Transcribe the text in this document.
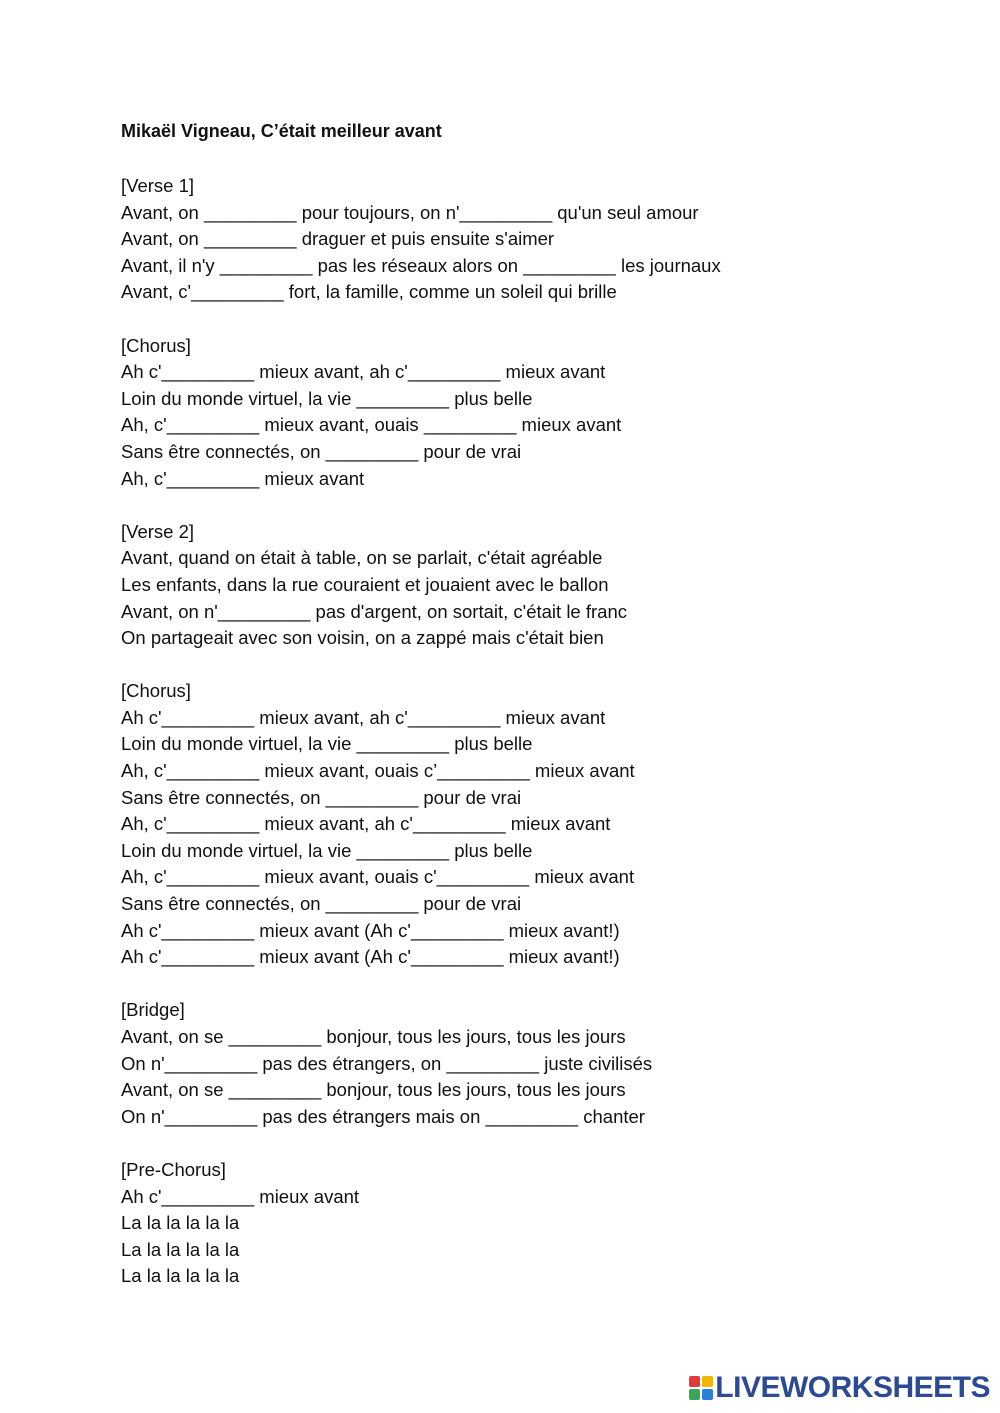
Mikaël Vigneau, C’était meilleur avant
[Verse 1]
Avant, on _________ pour toujours, on n'_________ qu'un seul amour
Avant, on _________ draguer et puis ensuite s'aimer
Avant, il n'y _________ pas les réseaux alors on _________ les journaux
Avant, c'_________ fort, la famille, comme un soleil qui brille
[Chorus]
Ah c'_________ mieux avant, ah c'_________ mieux avant
Loin du monde virtuel, la vie _________ plus belle
Ah, c'_________ mieux avant, ouais _________ mieux avant
Sans être connectés, on _________ pour de vrai
Ah, c'_________ mieux avant
[Verse 2]
Avant, quand on était à table, on se parlait, c'était agréable
Les enfants, dans la rue couraient et jouaient avec le ballon
Avant, on n'_________ pas d'argent, on sortait, c'était le franc
On partageait avec son voisin, on a zappé mais c'était bien
[Chorus]
Ah c'_________ mieux avant, ah c'_________ mieux avant
Loin du monde virtuel, la vie _________ plus belle
Ah, c'_________ mieux avant, ouais c’_________ mieux avant
Sans être connectés, on _________ pour de vrai
Ah, c'_________ mieux avant, ah c'_________ mieux avant
Loin du monde virtuel, la vie _________ plus belle
Ah, c'_________ mieux avant, ouais c'_________ mieux avant
Sans être connectés, on _________ pour de vrai
Ah c'_________ mieux avant (Ah c'_________ mieux avant!)
Ah c'_________ mieux avant (Ah c'_________ mieux avant!)
[Bridge]
Avant, on se _________ bonjour, tous les jours, tous les jours
On n'_________ pas des étrangers, on _________ juste civilisés
Avant, on se _________ bonjour, tous les jours, tous les jours
On n'_________ pas des étrangers mais on _________ chanter
[Pre-Chorus]
Ah c'_________ mieux avant
La la la la la la
La la la la la la
La la la la la la
LIVEWORKSHEETS
